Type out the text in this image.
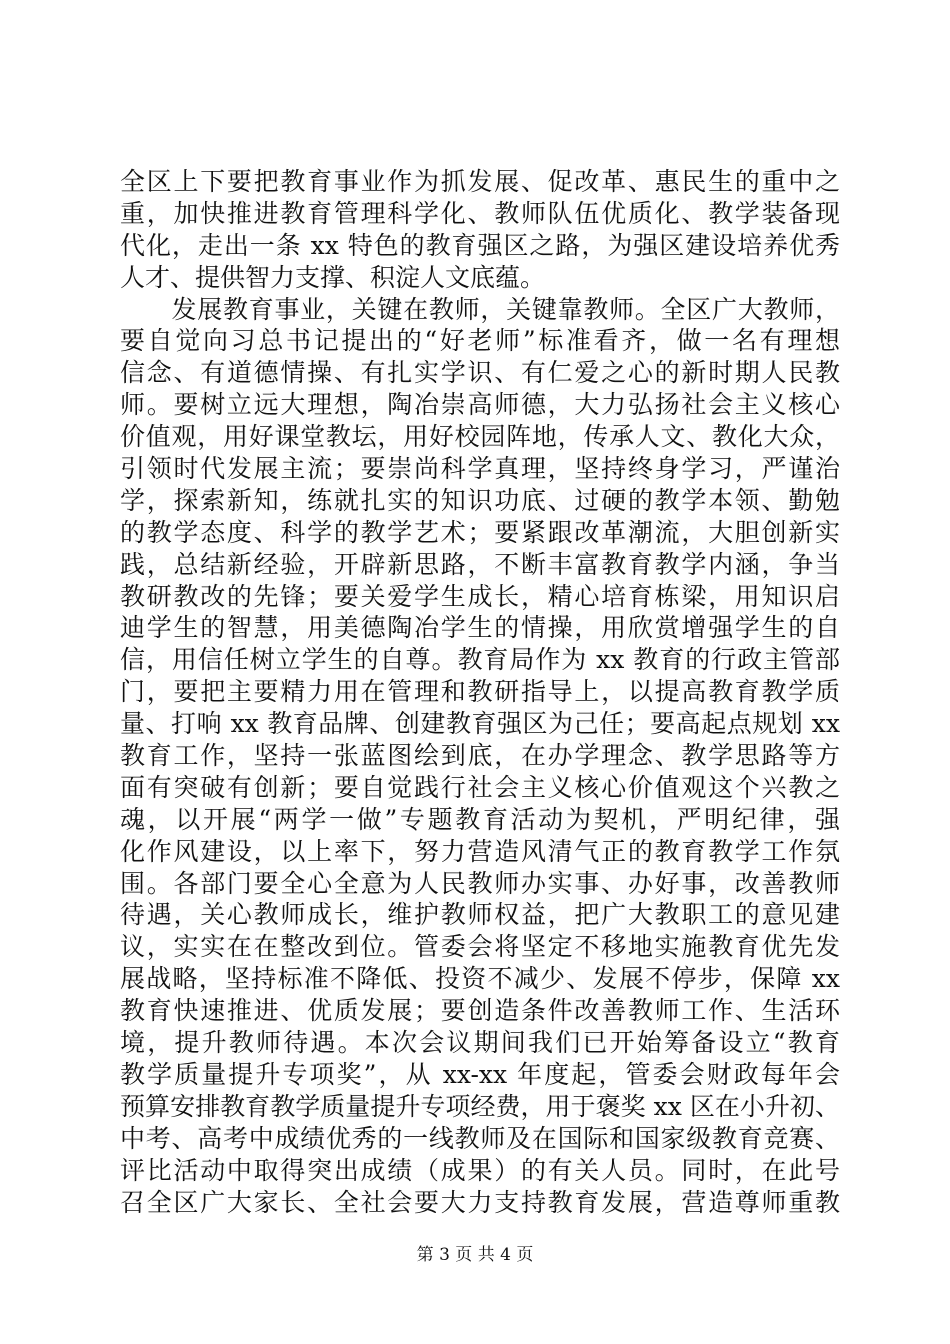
全区上下要把教育事业作为抓发展、促改革、惠民生的重中之
重，加快推进教育管理科学化、教师队伍优质化、教学装备现
代化，走出一条 xx 特色的教育强区之路，为强区建设培养优秀
人才、提供智力支撑、积淀人文底蕴。
　　发展教育事业，关键在教师，关键靠教师。全区广大教师，
要自觉向习总书记提出的“好老师”标准看齐，做一名有理想
信念、有道德情操、有扎实学识、有仁爱之心的新时期人民教
师。要树立远大理想，陶冶崇高师德，大力弘扬社会主义核心
价值观，用好课堂教坛，用好校园阵地，传承人文、教化大众，
引领时代发展主流；要崇尚科学真理，坚持终身学习，严谨治
学，探索新知，练就扎实的知识功底、过硬的教学本领、勤勉
的教学态度、科学的教学艺术；要紧跟改革潮流，大胆创新实
践，总结新经验，开辟新思路，不断丰富教育教学内涵，争当
教研教改的先锋；要关爱学生成长，精心培育栋梁，用知识启
迪学生的智慧，用美德陶冶学生的情操，用欣赏增强学生的自
信，用信任树立学生的自尊。教育局作为 xx 教育的行政主管部
门，要把主要精力用在管理和教研指导上，以提高教育教学质
量、打响 xx 教育品牌、创建教育强区为己任；要高起点规划 xx
教育工作，坚持一张蓝图绘到底，在办学理念、教学思路等方
面有突破有创新；要自觉践行社会主义核心价值观这个兴教之
魂，以开展“两学一做”专题教育活动为契机，严明纪律，强
化作风建设，以上率下，努力营造风清气正的教育教学工作氛
围。各部门要全心全意为人民教师办实事、办好事，改善教师
待遇，关心教师成长，维护教师权益，把广大教职工的意见建
议，实实在在整改到位。管委会将坚定不移地实施教育优先发
展战略，坚持标准不降低、投资不减少、发展不停步，保障 xx
教育快速推进、优质发展；要创造条件改善教师工作、生活环
境，提升教师待遇。本次会议期间我们已开始筹备设立“教育
教学质量提升专项奖”，从 xx-xx 年度起，管委会财政每年会
预算安排教育教学质量提升专项经费，用于褒奖 xx 区在小升初、
中考、高考中成绩优秀的一线教师及在国际和国家级教育竞赛、
评比活动中取得突出成绩（成果）的有关人员。同时，在此号
召全区广大家长、全社会要大力支持教育发展，营造尊师重教
第 3 页 共 4 页
